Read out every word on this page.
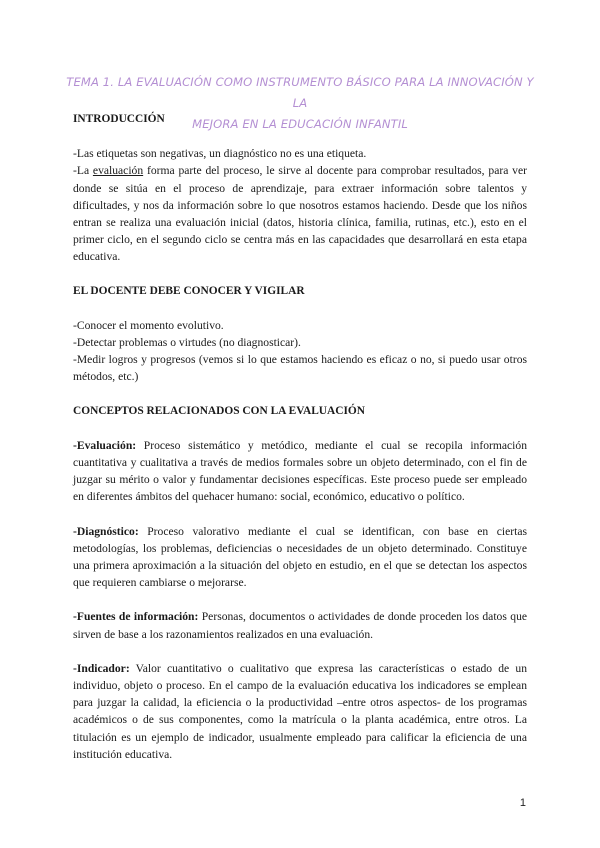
TEMA 1. LA EVALUACIÓN COMO INSTRUMENTO BÁSICO PARA LA INNOVACIÓN Y LA
MEJORA EN LA EDUCACIÓN INFANTIL

INTRODUCCIÓN

-Las etiquetas son negativas, un diagnóstico no es una etiqueta.

-La evaluación forma parte del proceso, le sirve al docente para comprobar resultados, para ver donde se sitúa en el proceso de aprendizaje, para extraer información sobre talentos y dificultades, y nos da información sobre lo que nosotros estamos haciendo. Desde que los niños entran se realiza una evaluación inicial (datos, historia clínica, familia, rutinas, etc.), esto en el primer ciclo, en el segundo ciclo se centra más en las capacidades que desarrollará en esta etapa educativa.

EL DOCENTE DEBE CONOCER Y VIGILAR

-Conocer el momento evolutivo.

-Detectar problemas o virtudes (no diagnosticar).

-Medir logros y progresos (vemos si lo que estamos haciendo es eficaz o no, si puedo usar otros métodos, etc.)

CONCEPTOS RELACIONADOS CON LA EVALUACIÓN

-Evaluación: Proceso sistemático y metódico, mediante el cual se recopila información cuantitativa y cualitativa a través de medios formales sobre un objeto determinado, con el fin de juzgar su mérito o valor y fundamentar decisiones específicas. Este proceso puede ser empleado en diferentes ámbitos del quehacer humano: social, económico, educativo o político.

-Diagnóstico: Proceso valorativo mediante el cual se identifican, con base en ciertas metodologías, los problemas, deficiencias o necesidades de un objeto determinado. Constituye una primera aproximación a la situación del objeto en estudio, en el que se detectan los aspectos que requieren cambiarse o mejorarse.

-Fuentes de información: Personas, documentos o actividades de donde proceden los datos que sirven de base a los razonamientos realizados en una evaluación.

-Indicador: Valor cuantitativo o cualitativo que expresa las características o estado de un individuo, objeto o proceso. En el campo de la evaluación educativa los indicadores se emplean para juzgar la calidad, la eficiencia o la productividad –entre otros aspectos- de los programas académicos o de sus componentes, como la matrícula o la planta académica, entre otros. La titulación es un ejemplo de indicador, usualmente empleado para calificar la eficiencia de una institución educativa.

1
